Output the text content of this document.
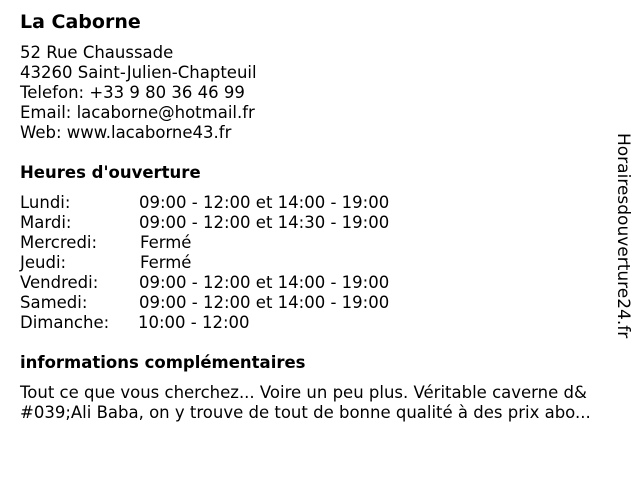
La Caborne
52 Rue Chaussade
43260 Saint-Julien-Chapteuil
Telefon: +33 9 80 36 46 99
Email: lacaborne@hotmail.fr
Web: www.lacaborne43.fr
Heures d'ouverture
Lundi:	09:00 - 12:00 et 14:00 - 19:00
Mardi:	09:00 - 12:00 et 14:30 - 19:00
Mercredi:	Fermé
Jeudi:	Fermé
Vendredi: 09:00 - 12:00 et 14:00 - 19:00
Samedi:	09:00 - 12:00 et 14:00 - 19:00
Dimanche: 10:00 - 12:00
informations complémentaires
Tout ce que vous cherchez... Voire un peu plus. Véritable caverne d&
#039;Ali Baba, on y trouve de tout de bonne qualité à des prix abo...
Horairesdouverture24.fr
